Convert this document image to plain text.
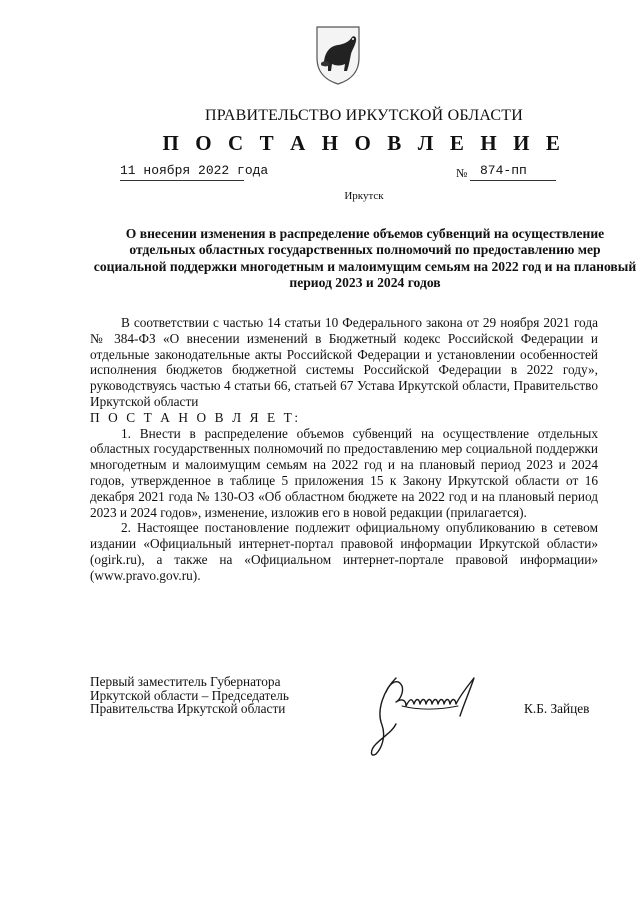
ПРАВИТЕЛЬСТВО ИРКУТСКОЙ ОБЛАСТИ
П О С Т А Н О В Л Е Н И Е
11 ноября 2022 года	№ 874-пп
Иркутск
О внесении изменения в распределение объемов субвенций на осуществление отдельных областных государственных полномочий по предоставлению мер социальной поддержки многодетным и малоимущим семьям на 2022 год и на плановый период 2023 и 2024 годов

В соответствии с частью 14 статьи 10 Федерального закона от 29 ноября 2021 года № 384-ФЗ «О внесении изменений в Бюджетный кодекс Российской Федерации и отдельные законодательные акты Российской Федерации и установлении особенностей исполнения бюджетов бюджетной системы Российской Федерации в 2022 году», руководствуясь частью 4 статьи 66, статьей 67 Устава Иркутской области, Правительство Иркутской области

П О С Т А Н О В Л Я Е Т:

1. Внести в распределение объемов субвенций на осуществление отдельных областных государственных полномочий по предоставлению мер социальной поддержки многодетным и малоимущим семьям на 2022 год и на плановый период 2023 и 2024 годов, утвержденное в таблице 5 приложения 15 к Закону Иркутской области от 16 декабря 2021 года № 130-ОЗ «Об областном бюджете на 2022 год и на плановый период 2023 и 2024 годов», изменение, изложив его в новой редакции (прилагается).

2. Настоящее постановление подлежит официальному опубликованию в сетевом издании «Официальный интернет-портал правовой информации Иркутской области» (ogirk.ru), а также на «Официальном интернет-портале правовой информации» (www.pravo.gov.ru).

Первый заместитель Губернатора
Иркутской области – Председатель
Правительства Иркутской области	К.Б. Зайцев
